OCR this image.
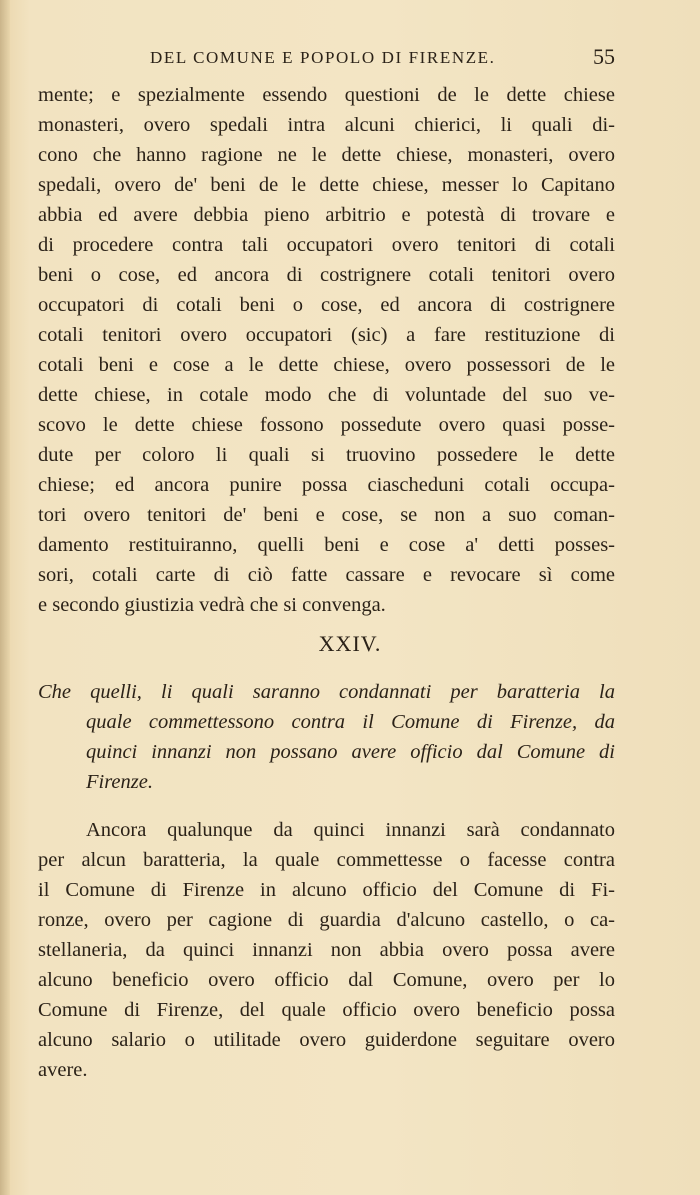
DEL COMUNE E POPOLO DI FIRENZE.	55
mente; e spezialmente essendo questioni de le dette chiese
monasteri, overo spedali intra alcuni chierici, li quali di-
cono che hanno ragione ne le dette chiese, monasteri, overo
spedali, overo de' beni de le dette chiese, messer lo Capitano
abbia ed avere debbia pieno arbitrio e potestà di trovare e
di procedere contra tali occupatori overo tenitori di cotali
beni o cose, ed ancora di costrignere cotali tenitori overo
occupatori di cotali beni o cose, ed ancora di costrignere
cotali tenitori overo occupatori (sic) a fare restituzione di
cotali beni e cose a le dette chiese, overo possessori de le
dette chiese, in cotale modo che di voluntade del suo ve-
scovo le dette chiese fossono possedute overo quasi posse-
dute per coloro li quali si truovino possedere le dette
chiese; ed ancora punire possa ciascheduni cotali occupa-
tori overo tenitori de' beni e cose, se non a suo coman-
damento restituiranno, quelli beni e cose a' detti posses-
sori, cotali carte di ciò fatte cassare e revocare sì come
e secondo giustizia vedrà che si convenga.
XXIV.
Che quelli, li quali saranno condannati per baratteria la
quale commettessono contra il Comune di Firenze, da
quinci innanzi non possano avere officio dal Comune di
Firenze.
Ancora qualunque da quinci innanzi sarà condannato
per alcun baratteria, la quale commettesse o facesse contra
il Comune di Firenze in alcuno officio del Comune di Fi-
ronze, overo per cagione di guardia d'alcuno castello, o ca-
stellaneria, da quinci innanzi non abbia overo possa avere
alcuno beneficio overo officio dal Comune, overo per lo
Comune di Firenze, del quale officio overo beneficio possa
alcuno salario o utilitade overo guiderdone seguitare overo
avere.
